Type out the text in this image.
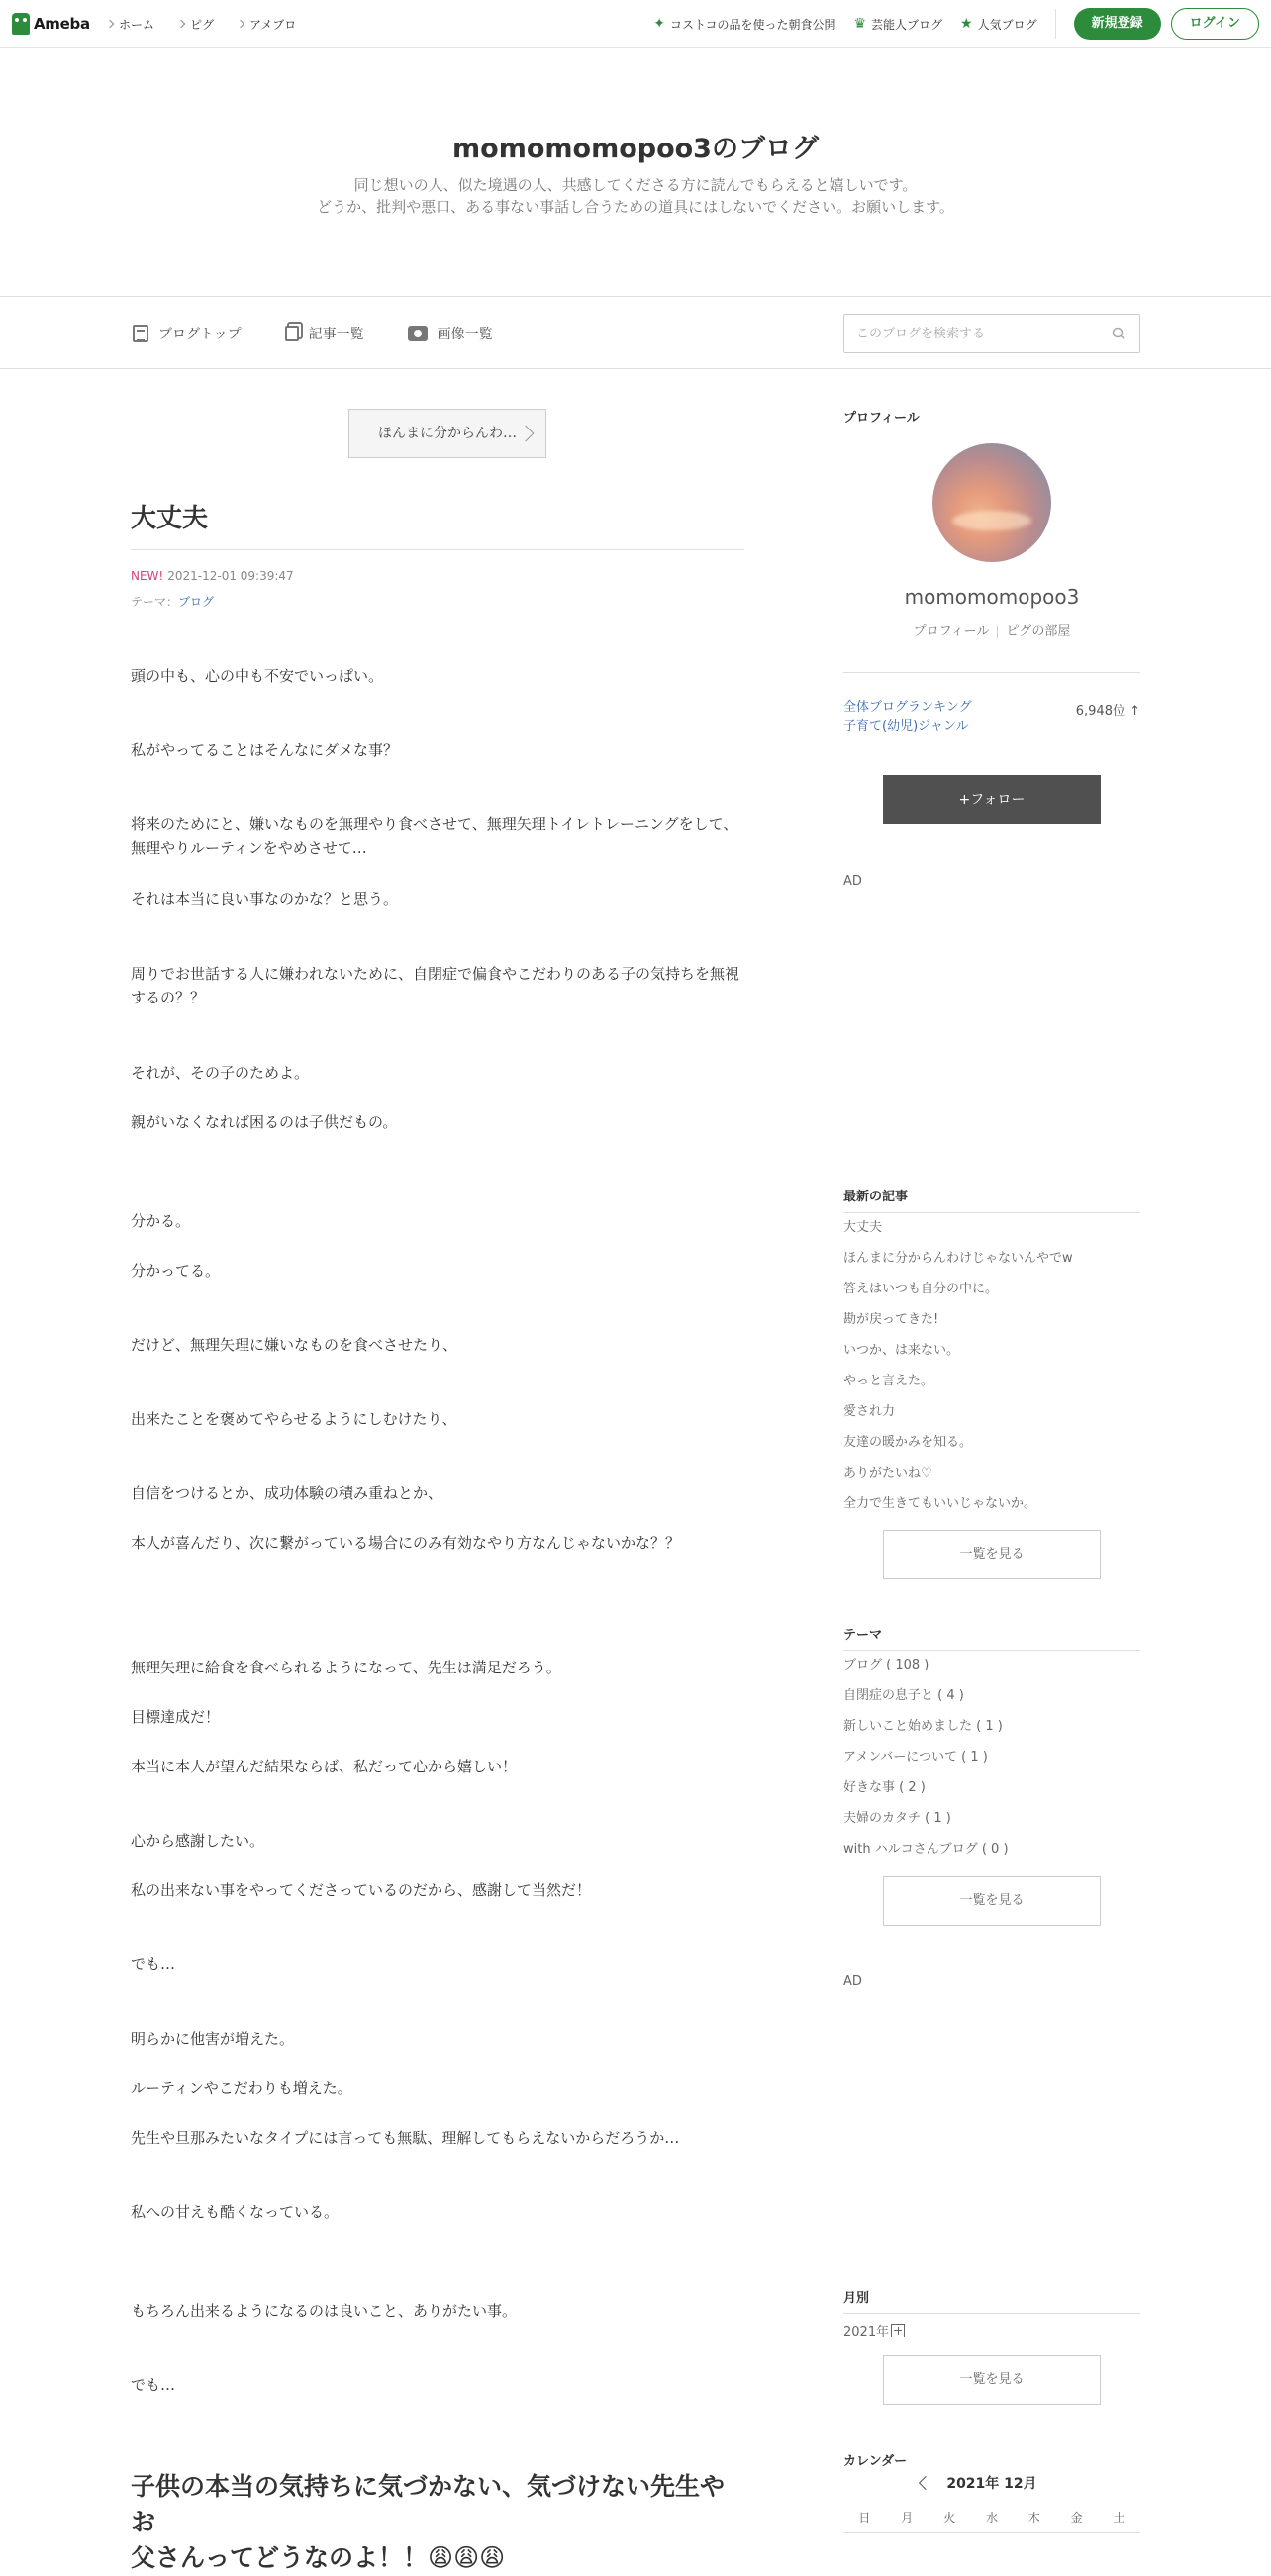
Ameba ホーム	ピグ	アメブロ	✦ コストコの品を使った朝食公開 ♛ 芸能人ブログ ★ 人気ブログ	新規登録	ログイン
momomomopoo3のブログ
同じ想いの人、似た境遇の人、共感してくださる方に読んでもらえると嬉しいです。
どうか、批判や悪口、ある事ない事話し合うための道具にはしないでください。お願いします。
ブログトップ	記事一覧	画像一覧
このブログを検索する
ほんまに分からんわ…
大丈夫
NEW! 2021-12-01 09:39:47
テーマ：ブログ
頭の中も、心の中も不安でいっぱい。
私がやってることはそんなにダメな事？
将来のためにと、嫌いなものを無理やり食べさせて、無理矢理トイレトレーニングをして、無理やりルーティンをやめさせて…
それは本当に良い事なのかな？と思う。
周りでお世話する人に嫌われないために、自閉症で偏食やこだわりのある子の気持ちを無視するの？？
それが、その子のためよ。
親がいなくなれば困るのは子供だもの。
分かる。
分かってる。
だけど、無理矢理に嫌いなものを食べさせたり、
出来たことを褒めてやらせるようにしむけたり、
自信をつけるとか、成功体験の積み重ねとか、
本人が喜んだり、次に繋がっている場合にのみ有効なやり方なんじゃないかな？？
無理矢理に給食を食べられるようになって、先生は満足だろう。
目標達成だ！
本当に本人が望んだ結果ならば、私だって心から嬉しい！
心から感謝したい。
私の出来ない事をやってくださっているのだから、感謝して当然だ！
でも…
明らかに他害が増えた。
ルーティンやこだわりも増えた。
先生や旦那みたいなタイプには言っても無駄、理解してもらえないからだろうか…
私への甘えも酷くなっている。
もちろん出来るようになるのは良いこと、ありがたい事。
でも…
子供の本当の気持ちに気づかない、気づけない先生やお
父さんってどうなのよ！！😩😩😩
プロフィール
momomomopoo3
プロフィール ピグの部屋
全体ブログランキング
子育て(幼児)ジャンル
6,948位 ↑
+フォロー
AD
最新の記事
大丈夫
ほんまに分からんわけじゃないんやでw
答えはいつも自分の中に。
勘が戻ってきた!
いつか、は来ない。
やっと言えた。
愛され力
友達の暖かみを知る。
ありがたいね♡
全力で生きてもいいじゃないか。
一覧を見る
テーマ
ブログ ( 108 )
自閉症の息子と ( 4 )
新しいこと始めました ( 1 )
アメンバーについて ( 1 )
好きな事 ( 2 )
夫婦のカタチ ( 1 )
with ハルコさんブログ ( 0 )
一覧を見る
AD
月別
2021年
一覧を見る
カレンダー
2021年 12月
日	月	火	水	木	金	土
